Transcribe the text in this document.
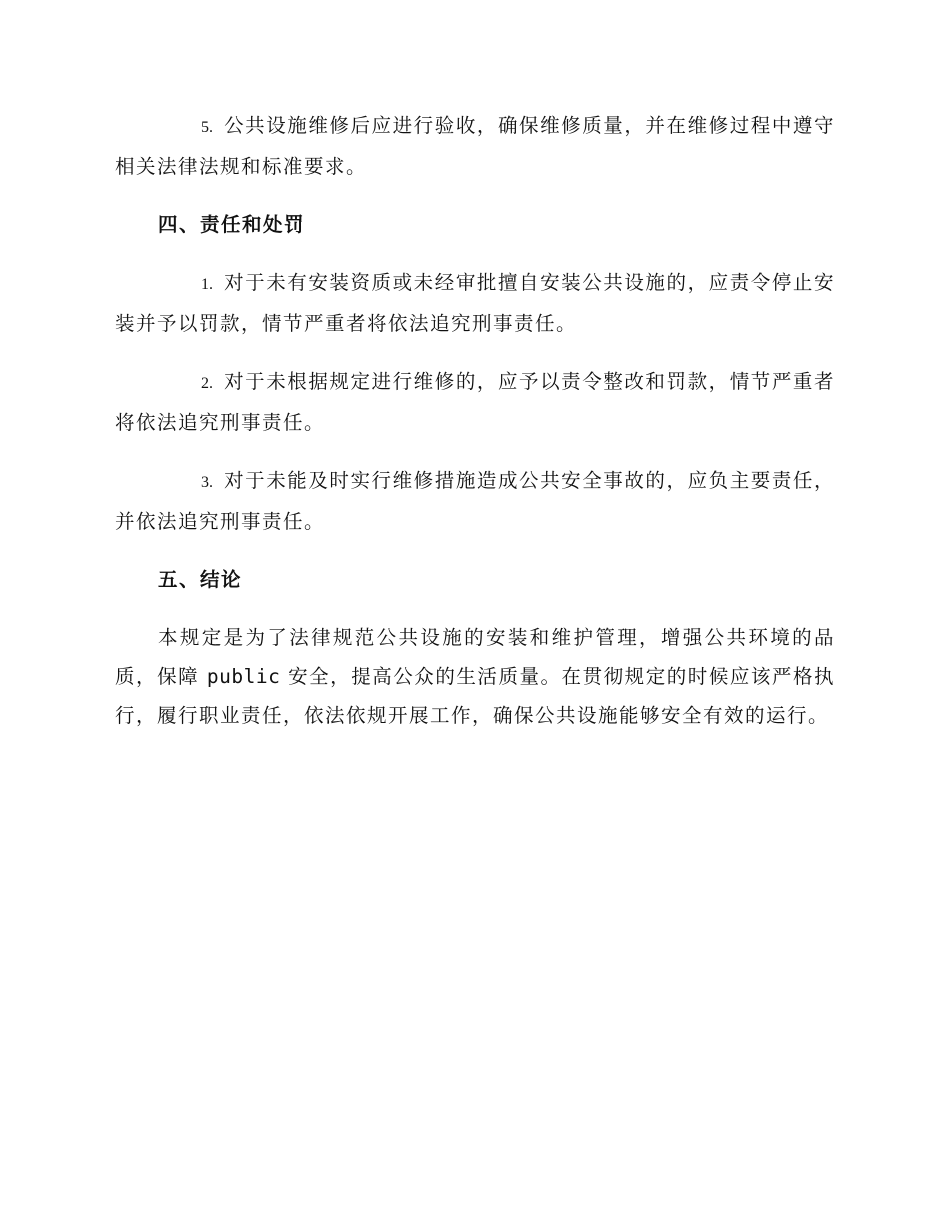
5. 公共设施维修后应进行验收，确保维修质量，并在维修过程中遵守相关法律法规和标准要求。

四、责任和处罚

1. 对于未有安装资质或未经审批擅自安装公共设施的，应责令停止安装并予以罚款，情节严重者将依法追究刑事责任。

2. 对于未根据规定进行维修的，应予以责令整改和罚款，情节严重者将依法追究刑事责任。

3. 对于未能及时实行维修措施造成公共安全事故的，应负主要责任，并依法追究刑事责任。

五、结论

本规定是为了法律规范公共设施的安装和维护管理，增强公共环境的品质，保障 public 安全，提高公众的生活质量。在贯彻规定的时候应该严格执行，履行职业责任，依法依规开展工作，确保公共设施能够安全有效的运行。
